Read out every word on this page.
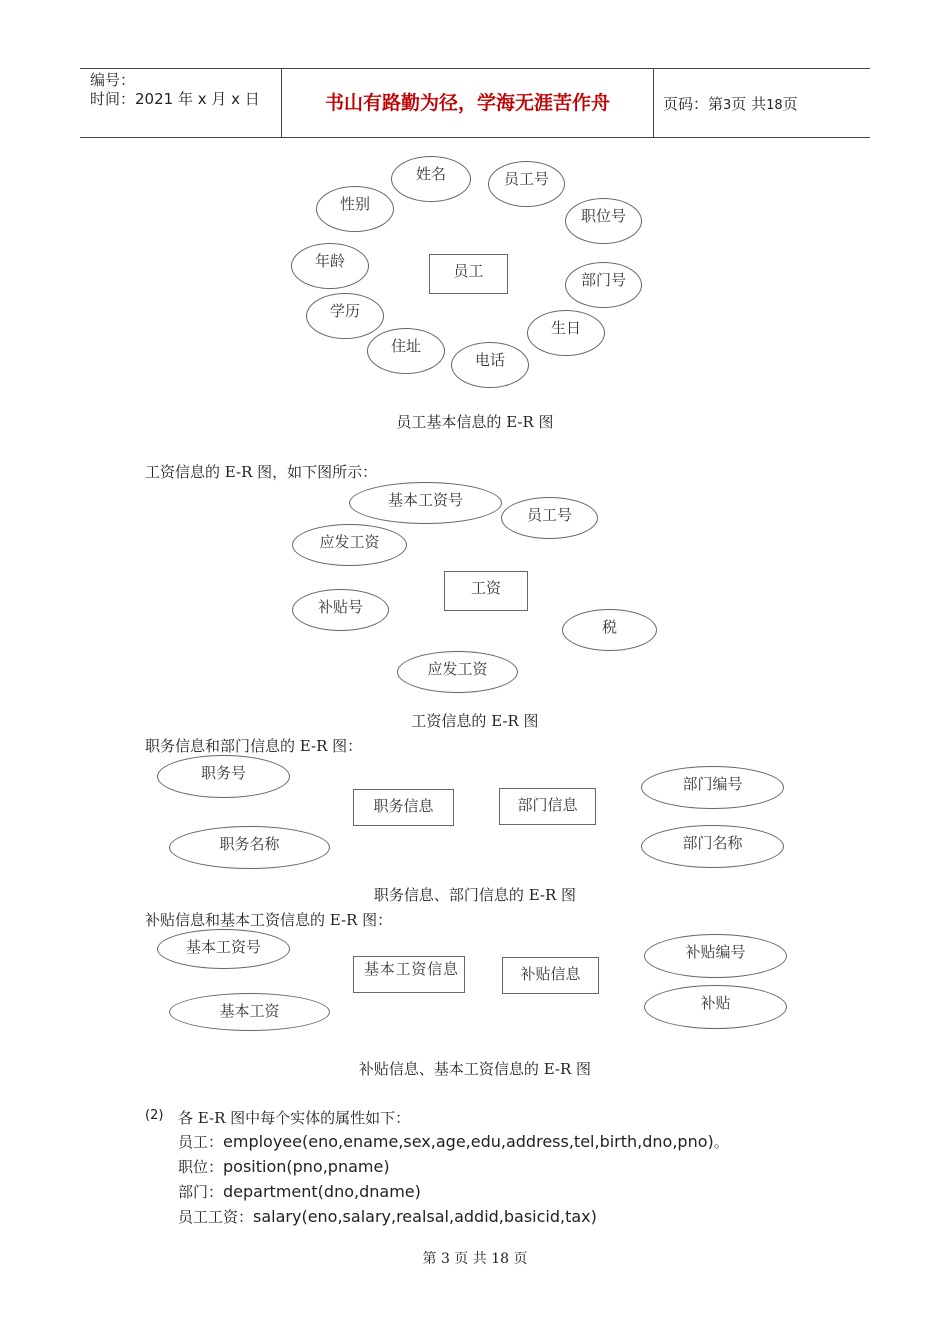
编号：
时间：2021 年 x 月 x 日	书山有路勤为径，学海无涯苦作舟	页码：第3页 共18页
姓名	员工号
性别
职位号
年龄
部门号
员工
学历
生日
住址
电话
员工基本信息的 E-R 图
工资信息的 E-R 图，如下图所示：
基本工资号
员工号
应发工资
工资
补贴号
税
应发工资
工资信息的 E-R 图
职务信息和部门信息的 E-R 图：
职务号
职务信息	部门信息
部门编号
职务名称	部门名称
职务信息、部门信息的 E-R 图
补贴信息和基本工资信息的 E-R 图：
基本工资号	补贴编号
基本工资信息	补贴信息
基本工资	补贴
补贴信息、基本工资信息的 E-R 图
(2) 各 E-R 图中每个实体的属性如下：
员工：employee(eno,ename,sex,age,edu,address,tel,birth,dno,pno)。
职位：position(pno,pname)
部门：department(dno,dname)
员工工资：salary(eno,salary,realsal,addid,basicid,tax)
第 3 页 共 18 页
